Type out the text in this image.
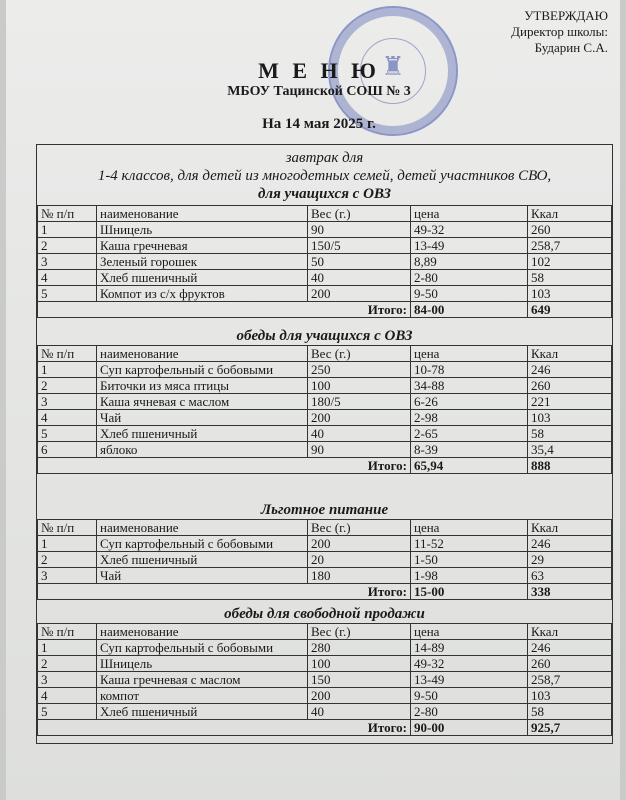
♜
УТВЕРЖДАЮ
Директор школы:
Бударин С.А.
М Е Н Ю
МБОУ Тацинской СОШ № 3
На 14 мая 2025 г.
завтрак для
1-4 классов, для детей из многодетных семей, детей участников СВО,
для учащихся с ОВЗ
№ п/п	наименование	Вес (г.)	цена	Ккал
1	Шницель	90	49-32	260
2	Каша гречневая	150/5	13-49	258,7
3	Зеленый горошек	50	8,89	102
4	Хлеб пшеничный	40	2-80	58
5	Компот из с/х фруктов	200	9-50	103
Итого:			84-00	649
обеды для учащихся с ОВЗ
№ п/п	наименование	Вес (г.)	цена	Ккал
1	Суп картофельный с бобовыми	250	10-78	246
2	Биточки из мяса птицы	100	34-88	260
3	Каша ячневая с маслом	180/5	6-26	221
4	Чай	200	2-98	103
5	Хлеб пшеничный	40	2-65	58
6	яблоко	90	8-39	35,4
Итого:			65,94	888
Льготное питание
№ п/п	наименование	Вес (г.)	цена	Ккал
1	Суп картофельный с бобовыми	200	11-52	246
2	Хлеб пшеничный	20	1-50	29
3	Чай	180	1-98	63
Итого:			15-00	338
обеды для свободной продажи
№ п/п	наименование	Вес (г.)	цена	Ккал
1	Суп картофельный с бобовыми	280	14-89	246
2	Шницель	100	49-32	260
3	Каша гречневая с маслом	150	13-49	258,7
4	компот	200	9-50	103
5	Хлеб пшеничный	40	2-80	58
Итого:			90-00	925,7
